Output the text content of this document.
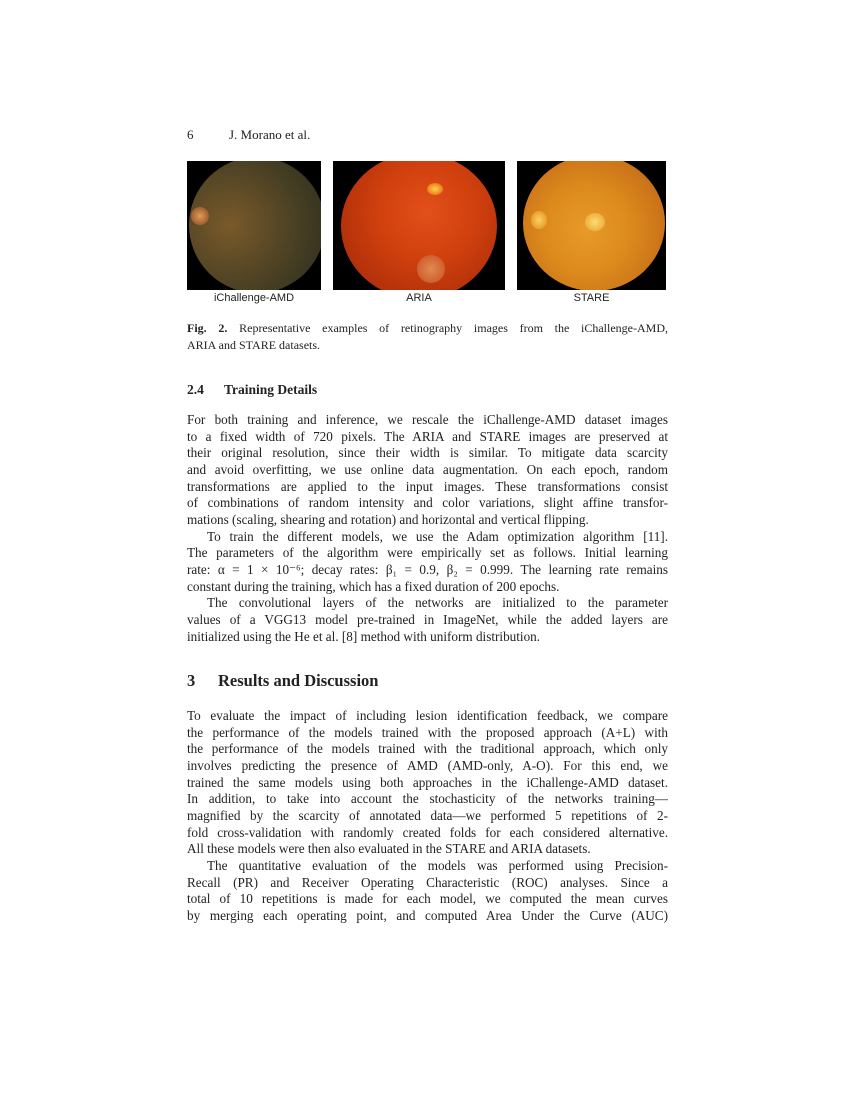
6	J. Morano et al.
iChallenge-AMD	ARIA	STARE
Fig. 2. Representative examples of retinography images from the iChallenge-AMD,
ARIA and STARE datasets.
2.4 Training Details
For both training and inference, we rescale the iChallenge-AMD dataset images
to a fixed width of 720 pixels. The ARIA and STARE images are preserved at
their original resolution, since their width is similar. To mitigate data scarcity
and avoid overfitting, we use online data augmentation. On each epoch, random
transformations are applied to the input images. These transformations consist
of combinations of random intensity and color variations, slight affine transfor-
mations (scaling, shearing and rotation) and horizontal and vertical flipping.
To train the different models, we use the Adam optimization algorithm [11].
The parameters of the algorithm were empirically set as follows. Initial learning
rate: α = 1 × 10⁻⁶; decay rates: β₁ = 0.9, β₂ = 0.999. The learning rate remains
constant during the training, which has a fixed duration of 200 epochs.
The convolutional layers of the networks are initialized to the parameter
values of a VGG13 model pre-trained in ImageNet, while the added layers are
initialized using the He et al. [8] method with uniform distribution.
3 Results and Discussion
To evaluate the impact of including lesion identification feedback, we compare
the performance of the models trained with the proposed approach (A+L) with
the performance of the models trained with the traditional approach, which only
involves predicting the presence of AMD (AMD-only, A-O). For this end, we
trained the same models using both approaches in the iChallenge-AMD dataset.
In addition, to take into account the stochasticity of the networks training—
magnified by the scarcity of annotated data—we performed 5 repetitions of 2-
fold cross-validation with randomly created folds for each considered alternative.
All these models were then also evaluated in the STARE and ARIA datasets.
The quantitative evaluation of the models was performed using Precision-
Recall (PR) and Receiver Operating Characteristic (ROC) analyses. Since a
total of 10 repetitions is made for each model, we computed the mean curves
by merging each operating point, and computed Area Under the Curve (AUC)
